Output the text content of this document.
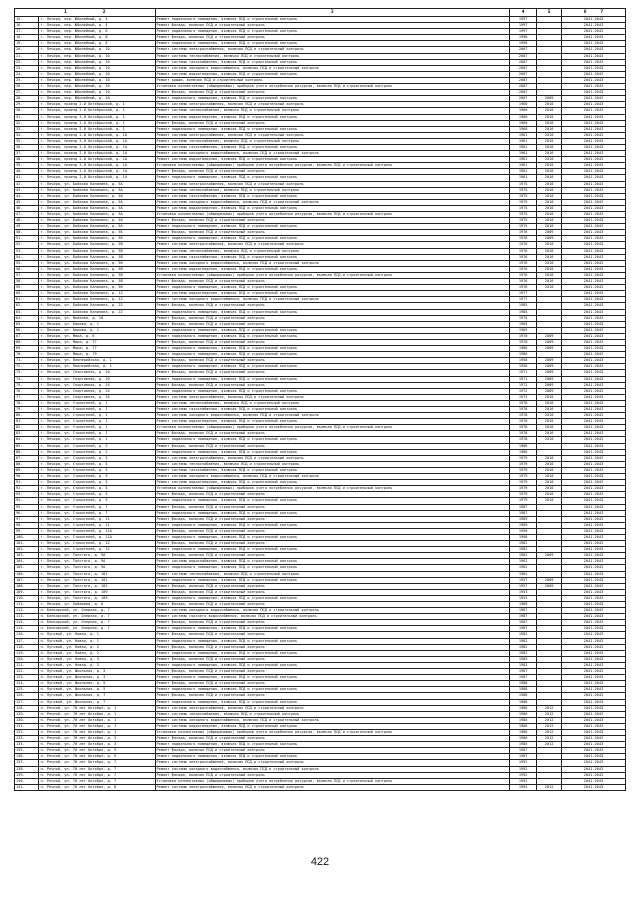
1 2		3	4	5	6 7
15.	г. Печора, пер. Юбилейный, д. 4	Ремонт подвального помещения, включая ПСД и строительный контроль	1997		2041-2043
16.	г. Печора, пер. Юбилейный, д. 4	Ремонт фасада, включая ПСД и строительный контроль	1997		2041-2043
17.	г. Печора, пер. Юбилейный, д. 6	Ремонт подвального помещения, включая ПСД и строительный контроль	1997		2041-2043
18.	г. Печора, пер. Юбилейный, д. 8	Ремонт фасада, включая ПСД и строительный контроль	1998		2041-2043
19.	г. Печора, пер. Юбилейный, д. 8	Ремонт подвального помещения, включая ПСД и строительный контроль	1998		2041-2043
20.	г. Печора, пер. Юбилейный, д. 10	Ремонт системы электроснабжения, включая ПСД и строительный контроль	2007		2041-2043
21.	г. Печора, пер. Юбилейный, д. 10	Ремонт системы теплоснабжения, включая ПСД и строительный контроль	2007		2041-2043
22.	г. Печора, пер. Юбилейный, д. 10	Ремонт системы газоснабжения, включая ПСД и строительный контроль	2007		2041-2043
23.	г. Печора, пер. Юбилейный, д. 10	Ремонт системы холодного водоснабжения, включая ПСД и строительный контроль	2007		2041-2043
24.	г. Печора, пер. Юбилейный, д. 10	Ремонт системы водоотведения, включая ПСД и строительный контроль	2007		2041-2043
25.	г. Печора, пер. Юбилейный, д. 10	Ремонт крыши, включая ПСД и строительный контроль	2007		2041-2043
26.	г. Печора, пер. Юбилейный, д. 10	Установка коллективных (общедомовых) приборов учета потребления ресурсов, включая ПСД и строительный контроль	2007		2041-2043
27.	г. Печора, пер. Юбилейный, д. 10	Ремонт фасада, включая ПСД и строительный контроль	2007		2041-2043
28.	г. Печора, пер. Юбилейный, д. 10	Ремонт подвального помещения, включая ПСД и строительный контроль	2007	2009	2041-2043
29.	г. Печора, проезд 2-й Октябрьский, д. 1	Ремонт системы электроснабжения, включая ПСД и строительный контроль	1960	2010	2041-2043
30.	г. Печора, проезд 2-й Октябрьский, д. 1	Ремонт системы теплоснабжения, включая ПСД и строительный контроль	1960	2010	2041-2043
31.	г. Печора, проезд 2-й Октябрьский, д. 1	Ремонт системы водоотведения, включая ПСД и строительный контроль	1960	2010	2041-2043
32.	г. Печора, проезд 2-й Октябрьский, д. 1	Ремонт фасада, включая ПСД и строительный контроль	1960	2010	2041-2043
33.	г. Печора, проезд 2-й Октябрьский, д. 1	Ремонт подвального помещения, включая ПСД и строительный контроль	1960	2010	2041-2043
34.	г. Печора, проезд 2-й Октябрьский, д. 1А	Ремонт системы электроснабжения, включая ПСД и строительный контроль	1961	2010	2041-2043
35.	г. Печора, проезд 2-й Октябрьский, д. 1А	Ремонт системы теплоснабжения, включая ПСД и строительный контроль	1961	2010	2041-2043
36.	г. Печора, проезд 2-й Октябрьский, д. 1А	Ремонт системы газоснабжения, включая ПСД и строительный контроль	1961	2010	2041-2043
37.	г. Печора, проезд 2-й Октябрьский, д. 1А	Ремонт системы холодного водоснабжения, включая ПСД и строительный контроль	1961	2010	2041-2043
38.	г. Печора, проезд 2-й Октябрьский, д. 1А	Ремонт системы водоотведения, включая ПСД и строительный контроль	1961	2010	2041-2043
39.	г. Печора, проезд 2-й Октябрьский, д. 1А	Установка коллективных (общедомовых) приборов учета потребления ресурсов, включая ПСД и строительный контроль	1961	2010	2041-2043
40.	г. Печора, проезд 2-й Октябрьский, д. 1А	Ремонт фасада, включая ПСД и строительный контроль	1961	2010	2041-2043
41.	г. Печора, проезд 2-й Октябрьский, д. 1А	Ремонт подвального помещения, включая ПСД и строительный контроль	1961	2010	2041-2043
42.	г. Печора, ул. Бойкова Калинина, д. 5А	Ремонт системы электроснабжения, включая ПСД и строительный контроль	1975	2010	2041-2043
43.	г. Печора, ул. Бойкова Калинина, д. 5А	Ремонт системы теплоснабжения, включая ПСД и строительный контроль	1975	2010	2041-2043
44.	г. Печора, ул. Бойкова Калинина, д. 5А	Ремонт системы газоснабжения, включая ПСД и строительный контроль	1975	2010	2041-2043
45.	г. Печора, ул. Бойкова Калинина, д. 5А	Ремонт системы холодного водоснабжения, включая ПСД и строительный контроль	1975	2010	2041-2043
46.	г. Печора, ул. Бойкова Калинина, д. 5А	Ремонт системы водоотведения, включая ПСД и строительный контроль	1975	2010	2041-2043
47.	г. Печора, ул. Бойкова Калинина, д. 5А	Установка коллективных (общедомовых) приборов учета потребления ресурсов, включая ПСД и строительный контроль	1975	2010	2041-2043
48.	г. Печора, ул. Бойкова Калинина, д. 5А	Ремонт фасада, включая ПСД и строительный контроль	1975	2010	2041-2043
49.	г. Печора, ул. Бойкова Калинина, д. 5А	Ремонт подвального помещения, включая ПСД и строительный контроль	1975	2010	2041-2043
50.	г. Печора, ул. Бойкова Калинина, д. 5Б	Ремонт фасада, включая ПСД и строительный контроль	1976	2009	2041-2043
51.	г. Печора, ул. Бойкова Калинина, д. 5Б	Ремонт подвального помещения, включая ПСД и строительный контроль	1976	2009	2041-2043
52.	г. Печора, ул. Бойкова Калинина, д. 5В	Ремонт системы электроснабжения, включая ПСД и строительный контроль	1976	2010	2041-2043
53.	г. Печора, ул. Бойкова Калинина, д. 5В	Ремонт системы теплоснабжения, включая ПСД и строительный контроль	1976	2010	2041-2043
54.	г. Печора, ул. Бойкова Калинина, д. 5В	Ремонт системы газоснабжения, включая ПСД и строительный контроль	1976	2010	2041-2043
55.	г. Печора, ул. Бойкова Калинина, д. 5В	Ремонт системы холодного водоснабжения, включая ПСД и строительный контроль	1976	2010	2041-2043
56.	г. Печора, ул. Бойкова Калинина, д. 5В	Ремонт системы водоотведения, включая ПСД и строительный контроль	1976	2010	2041-2043
57.	г. Печора, ул. Бойкова Калинина, д. 5В	Установка коллективных (общедомовых) приборов учета потребления ресурсов, включая ПСД и строительный контроль	1976	2010	2041-2043
58.	г. Печора, ул. Бойкова Калинина, д. 5В	Ремонт фасада, включая ПСД и строительный контроль	1976	2010	2041-2043
59.	г. Печора, ул. Бойкова Калинина, д. 5В	Ремонт подвального помещения, включая ПСД и строительный контроль	1976	2010	2041-2043
60.	г. Печора, ул. Бойкова Калинина, д. 12	Ремонт системы водоотведения, включая ПСД и строительный контроль	1977		2041-2043
61.	г. Печора, ул. Бойкова Калинина, д. 12	Ремонт системы холодного водоснабжения, включая ПСД и строительный контроль	1977		2041-2043
62.	г. Печора, ул. Бойкова Калинина, д. 22	Ремонт фасада, включая ПСД и строительный контроль	1985		2041-2043
63.	г. Печора, ул. Бойкова Калинина, д. 22	Ремонт подвального помещения, включая ПСД и строительный контроль	1985		2041-2043
64.	г. Печора, ул. Войкова, д. 10	Ремонт фасада, включая ПСД и строительный контроль	1975		2041-2043
65.	г. Печора, ул. Кирова, д. 1	Ремонт фасада, включая ПСД и строительный контроль	1965		2041-2043
66.	г. Печора, ул. Кирова, д. 1	Ремонт подвального помещения, включая ПСД и строительный контроль	1965		2041-2043
67.	г. Печора, ул. Мира, д. 6	Ремонт подвального помещения, включая ПСД и строительный контроль	1970	2009	2041-2043
68.	г. Печора, ул. Мира, д. 77	Ремонт фасада, включая ПСД и строительный контроль	1970	2009	2041-2043
69.	г. Печора, ул. Мира, д. 77	Ремонт подвального помещения, включая ПСД и строительный контроль	1986	2009	2041-2043
70.	г. Печора, ул. Мира, д. 79	Ремонт подвального помещения, включая ПСД и строительный контроль	1986		2041-2043
71.	г. Печора, ул. Пионерийская, д. 1	Ремонт фасада, включая ПСД и строительный контроль	1958	2009	2041-2043
72.	г. Печора, ул. Пионерийская, д. 1	Ремонт подвального помещения, включая ПСД и строительный контроль	1958	2009	2041-2043
73.	г. Печора, ул. Спортивная, д. 20	Ремонт фасада, включая ПСД и строительный контроль	1971	2009	2041-2043
74.	г. Печора, ул. Спортивная, д. 20	Ремонт подвального помещения, включая ПСД и строительный контроль	1971	2009	2041-2043
75.	г. Печора, ул. Спортивная, д. 24	Ремонт фасада, включая ПСД и строительный контроль	1972	2009	2041-2043
76.	г. Печора, ул. Спортивная, д. 24	Ремонт подвального помещения, включая ПСД и строительный контроль	1972	2009	2041-2043
77.	г. Печора, ул. Спортивная, д. 34	Ремонт системы электроснабжения, включая ПСД и строительный контроль	1973	2010	2041-2043
78.	г. Печора, ул. Строителей, д. 1	Ремонт системы теплоснабжения, включая ПСД и строительный контроль	1978	2010	2041-2043
79.	г. Печора, ул. Строителей, д. 1	Ремонт системы газоснабжения, включая ПСД и строительный контроль	1978	2010	2041-2043
80.	г. Печора, ул. Строителей, д. 1	Ремонт системы холодного водоснабжения, включая ПСД и строительный контроль	1978	2010	2041-2043
81.	г. Печора, ул. Строителей, д. 1	Ремонт системы водоотведения, включая ПСД и строительный контроль	1978	2010	2041-2043
82.	г. Печора, ул. Строителей, д. 1	Установка коллективных (общедомовых) приборов учета потребления ресурсов, включая ПСД и строительный контроль	1978	2010	2041-2043
83.	г. Печора, ул. Строителей, д. 1	Ремонт фасада, включая ПСД и строительный контроль	1978	2010	2041-2043
84.	г. Печора, ул. Строителей, д. 1	Ремонт подвального помещения, включая ПСД и строительный контроль	1978	2010	2041-2043
85.	г. Печора, ул. Строителей, д. 2	Ремонт фасада, включая ПСД и строительный контроль	1986		2041-2043
86.	г. Печора, ул. Строителей, д. 2	Ремонт подвального помещения, включая ПСД и строительный контроль	1986		2041-2043
87.	г. Печора, ул. Строителей, д. 5	Ремонт системы электроснабжения, включая ПСД и строительный контроль	1979	2010	2041-2043
88.	г. Печора, ул. Строителей, д. 5	Ремонт системы теплоснабжения, включая ПСД и строительный контроль	1979	2010	2041-2043
89.	г. Печора, ул. Строителей, д. 5	Ремонт системы газоснабжения, включая ПСД и строительный контроль	1979	2010	2041-2043
90.	г. Печора, ул. Строителей, д. 5	Ремонт системы холодного водоснабжения, включая ПСД и строительный контроль	1979	2010	2041-2043
91.	г. Печора, ул. Строителей, д. 5	Ремонт системы водоотведения, включая ПСД и строительный контроль	1979	2010	2041-2043
92.	г. Печора, ул. Строителей, д. 5	Установка коллективных (общедомовых) приборов учета потребления ресурсов, включая ПСД и строительный контроль	1979	2010	2041-2043
93.	г. Печора, ул. Строителей, д. 5	Ремонт фасада, включая ПСД и строительный контроль	1979	2010	2041-2043
94.	г. Печора, ул. Строителей, д. 5	Ремонт подвального помещения, включая ПСД и строительный контроль	1979	2010	2041-2043
95.	г. Печора, ул. Строителей, д. 7	Ремонт фасада, включая ПСД и строительный контроль	1987		2041-2043
96.	г. Печора, ул. Строителей, д. 7	Ремонт подвального помещения, включая ПСД и строительный контроль	1987		2041-2043
97.	г. Печора, ул. Строителей, д. 11	Ремонт фасада, включая ПСД и строительный контроль	1989		2041-2043
98.	г. Печора, ул. Строителей, д. 11	Ремонт подвального помещения, включая ПСД и строительный контроль	1989		2041-2043
99.	г. Печора, ул. Строителей, д. 11А	Ремонт фасада, включая ПСД и строительный контроль	1990		2041-2043
100.	г. Печора, ул. Строителей, д. 11А	Ремонт подвального помещения, включая ПСД и строительный контроль	1990		2041-2043
101.	г. Печора, ул. Строителей, д. 12	Ремонт фасада, включая ПСД и строительный контроль	1982		2041-2043
102.	г. Печора, ул. Строителей, д. 12	Ремонт подвального помещения, включая ПСД и строительный контроль	1982		2041-2043
103.	г. Печора, ул. Толстого, д. 9А	Ремонт фасада, включая ПСД и строительный контроль	1962	2009	2041-2043
104.	г. Печора, ул. Толстого, д. 9А	Ремонт системы водоснабжения, включая ПСД и строительный контроль	1962		2041-2043
105.	г. Печора, ул. Толстого, д. 9А	Ремонт подвального помещения, включая ПСД и строительный контроль	1962		2041-2043
106.	г. Печора, ул. Толстого, д. 101	Ремонт системы теплоснабжения, включая ПСД и строительный контроль	1962		2041-2043
107.	г. Печора, ул. Толстого, д. 101	Ремонт подвального помещения, включая ПСД и строительный контроль	1957	2009	2041-2043
108.	г. Печора, ул. Толстого, д. 102	Ремонт фасада, включая ПСД и строительный контроль	1957	2009	2041-2043
109.	г. Печора, ул. Толстого, д. 109	Ремонт фасада, включая ПСД и строительный контроль	1953		2041-2043
110.	г. Печора, ул. Толстого, д. 109	Ремонт подвального помещения, включая ПСД и строительный контроль	1953		2041-2043
111.	г. Печора, ул. Хабарова, д. 8	Ремонт фасада, включая ПСД и строительный контроль	1989		2041-2043
112.	п. Белоярский, ул. Озерная, д. 7	Ремонт системы холодного водоснабжения, включая ПСД и строительный контроль	1987		2041-2043
113.	п. Белоярский, ул. Озерная, д. 7	Ремонт системы горячего водоснабжения, включая ПСД и строительный контроль	1987		2041-2043
114.	п. Белоярский, ул. Озерная, д. 7	Ремонт фасада, включая ПСД и строительный контроль	1987		2041-2043
115.	п. Белоярский, ул. Озерная, д. 7	Ремонт подвального помещения, включая ПСД и строительный контроль	1987		2041-2043
116.	п. Луговой, ул. Новая, д. 1	Ремонт фасада, включая ПСД и строительный контроль	1982		2041-2043
117.	п. Луговой, ул. Новая, д. 1	Ремонт подвального помещения, включая ПСД и строительный контроль	1982		2041-2043
118.	п. Луговой, ул. Новая, д. 2	Ремонт фасада, включая ПСД и строительный контроль	1982		2041-2043
119.	п. Луговой, ул. Новая, д. 2	Ремонт подвального помещения, включая ПСД и строительный контроль	1982		2041-2043
120.	п. Луговой, ул. Новая, д. 3	Ремонт фасада, включая ПСД и строительный контроль	1983		2041-2043
121.	п. Луговой, ул. Новая, д. 3	Ремонт подвального помещения, включая ПСД и строительный контроль	1983		2041-2043
122.	п. Луговой, ул. Школьная, д. 3	Ремонт фасада, включая ПСД и строительный контроль	1987		2041-2043
123.	п. Луговой, ул. Школьная, д. 3	Ремонт подвального помещения, включая ПСД и строительный контроль	1987		2041-2043
124.	п. Луговой, ул. Школьная, д. 5	Ремонт фасада, включая ПСД и строительный контроль	1988		2041-2043
125.	п. Луговой, ул. Школьная, д. 5	Ремонт подвального помещения, включая ПСД и строительный контроль	1988		2041-2043
126.	п. Луговой, ул. Школьная, д. 7	Ремонт фасада, включая ПСД и строительный контроль	1988		2041-2043
127.	п. Луговой, ул. Школьная, д. 7	Ремонт подвального помещения, включая ПСД и строительный контроль	1988		2041-2043
128.	п. Речной, ул. 70 лет Октября, д. 1	Ремонт системы электроснабжения, включая ПСД и строительный контроль	1986	2012	2041-2043
129.	п. Речной, ул. 70 лет Октября, д. 1	Ремонт системы теплоснабжения, включая ПСД и строительный контроль	1986	2012	2041-2043
130.	п. Речной, ул. 70 лет Октября, д. 1	Ремонт системы холодного водоснабжения, включая ПСД и строительный контроль	1986	2012	2041-2043
131.	п. Речной, ул. 70 лет Октября, д. 1	Ремонт системы водоотведения, включая ПСД и строительный контроль	1986	2012	2041-2043
132.	п. Речной, ул. 70 лет Октября, д. 1	Установка коллективных (общедомовых) приборов учета потребления ресурсов, включая ПСД и строительный контроль	1986	2012	2041-2043
133.	п. Речной, ул. 70 лет Октября, д. 3	Ремонт фасада, включая ПСД и строительный контроль	1986	2012	2041-2043
134.	п. Речной, ул. 70 лет Октября, д. 3	Ремонт подвального помещения, включая ПСД и строительный контроль	1986	2012	2041-2043
135.	п. Речной, ул. 70 лет Октября, д. 5	Ремонт фасада, включая ПСД и строительный контроль	1987		2041-2043
136.	п. Речной, ул. 70 лет Октября, д. 5	Ремонт подвального помещения, включая ПСД и строительный контроль	1987		2041-2043
137.	п. Речной, ул. 70 лет Октября, д. 7	Ремонт системы электроснабжения, включая ПСД и строительный контроль	1992		2041-2043
138.	п. Речной, ул. 70 лет Октября, д. 7	Ремонт системы холодного водоснабжения, включая ПСД и строительный контроль	1992		2041-2043
139.	п. Речной, ул. 70 лет Октября, д. 7	Ремонт фасада, включая ПСД и строительный контроль	1992		2041-2043
140.	п. Речной, ул. 70 лет Октября, д. 7	Установка коллективных (общедомовых) приборов учета потребления ресурсов, включая ПСД и строительный контроль	1992		2041-2043
141.	п. Речной, ул. 70 лет Октября, д. 8	Ремонт системы электроснабжения, включая ПСД и строительный контроль	1994	2012	2041-2043
422
